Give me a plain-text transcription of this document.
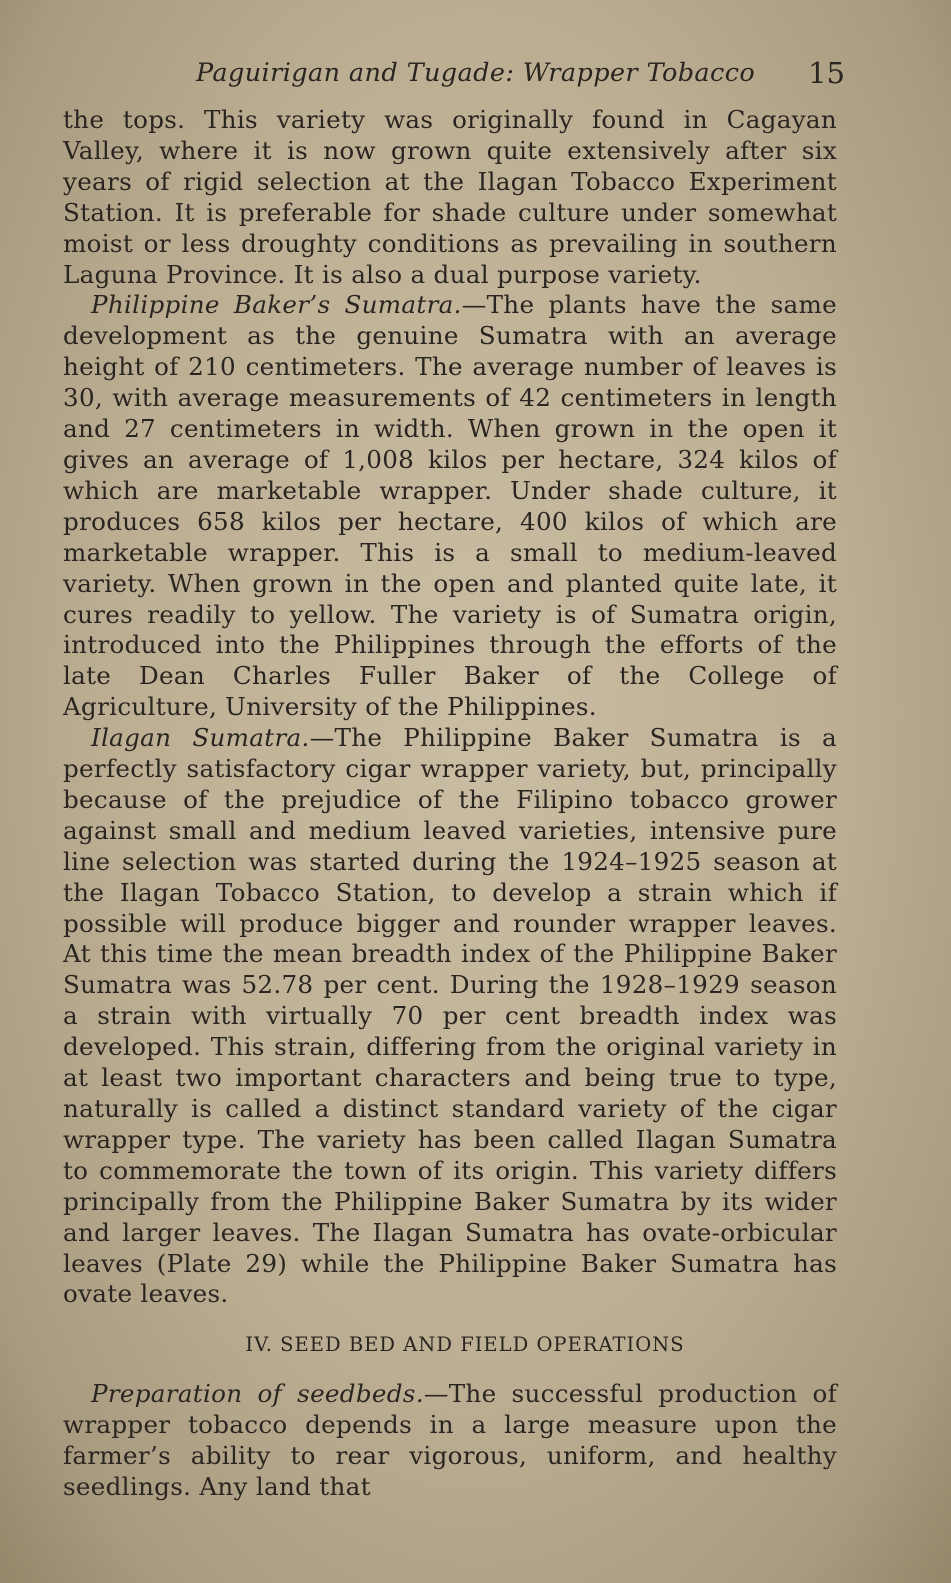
Paguirigan and Tugade: Wrapper Tobacco 15

the tops. This variety was originally found in Cagayan Valley, where it is now grown quite extensively after six years of rigid selection at the Ilagan Tobacco Experiment Station. It is preferable for shade culture under somewhat moist or less droughty conditions as prevailing in southern Laguna Province. It is also a dual purpose variety.

Philippine Baker’s Sumatra.—The plants have the same development as the genuine Sumatra with an average height of 210 centimeters. The average number of leaves is 30, with average measurements of 42 centimeters in length and 27 centimeters in width. When grown in the open it gives an average of 1,008 kilos per hectare, 324 kilos of which are marketable wrapper. Under shade culture, it produces 658 kilos per hectare, 400 kilos of which are marketable wrapper. This is a small to medium-leaved variety. When grown in the open and planted quite late, it cures readily to yellow. The variety is of Sumatra origin, introduced into the Philippines through the efforts of the late Dean Charles Fuller Baker of the College of Agriculture, University of the Philippines.

Ilagan Sumatra.—The Philippine Baker Sumatra is a perfectly satisfactory cigar wrapper variety, but, principally because of the prejudice of the Filipino tobacco grower against small and medium leaved varieties, intensive pure line selection was started during the 1924–1925 season at the Ilagan Tobacco Station, to develop a strain which if possible will produce bigger and rounder wrapper leaves. At this time the mean breadth index of the Philippine Baker Sumatra was 52.78 per cent. During the 1928–1929 season a strain with virtually 70 per cent breadth index was developed. This strain, differing from the original variety in at least two important characters and being true to type, naturally is called a distinct standard variety of the cigar wrapper type. The variety has been called Ilagan Sumatra to commemorate the town of its origin. This variety differs principally from the Philippine Baker Sumatra by its wider and larger leaves. The Ilagan Sumatra has ovate-orbicular leaves (Plate 29) while the Philippine Baker Sumatra has ovate leaves.

IV. SEED BED AND FIELD OPERATIONS

Preparation of seedbeds.—The successful production of wrapper tobacco depends in a large measure upon the farmer’s ability to rear vigorous, uniform, and healthy seedlings. Any land that
